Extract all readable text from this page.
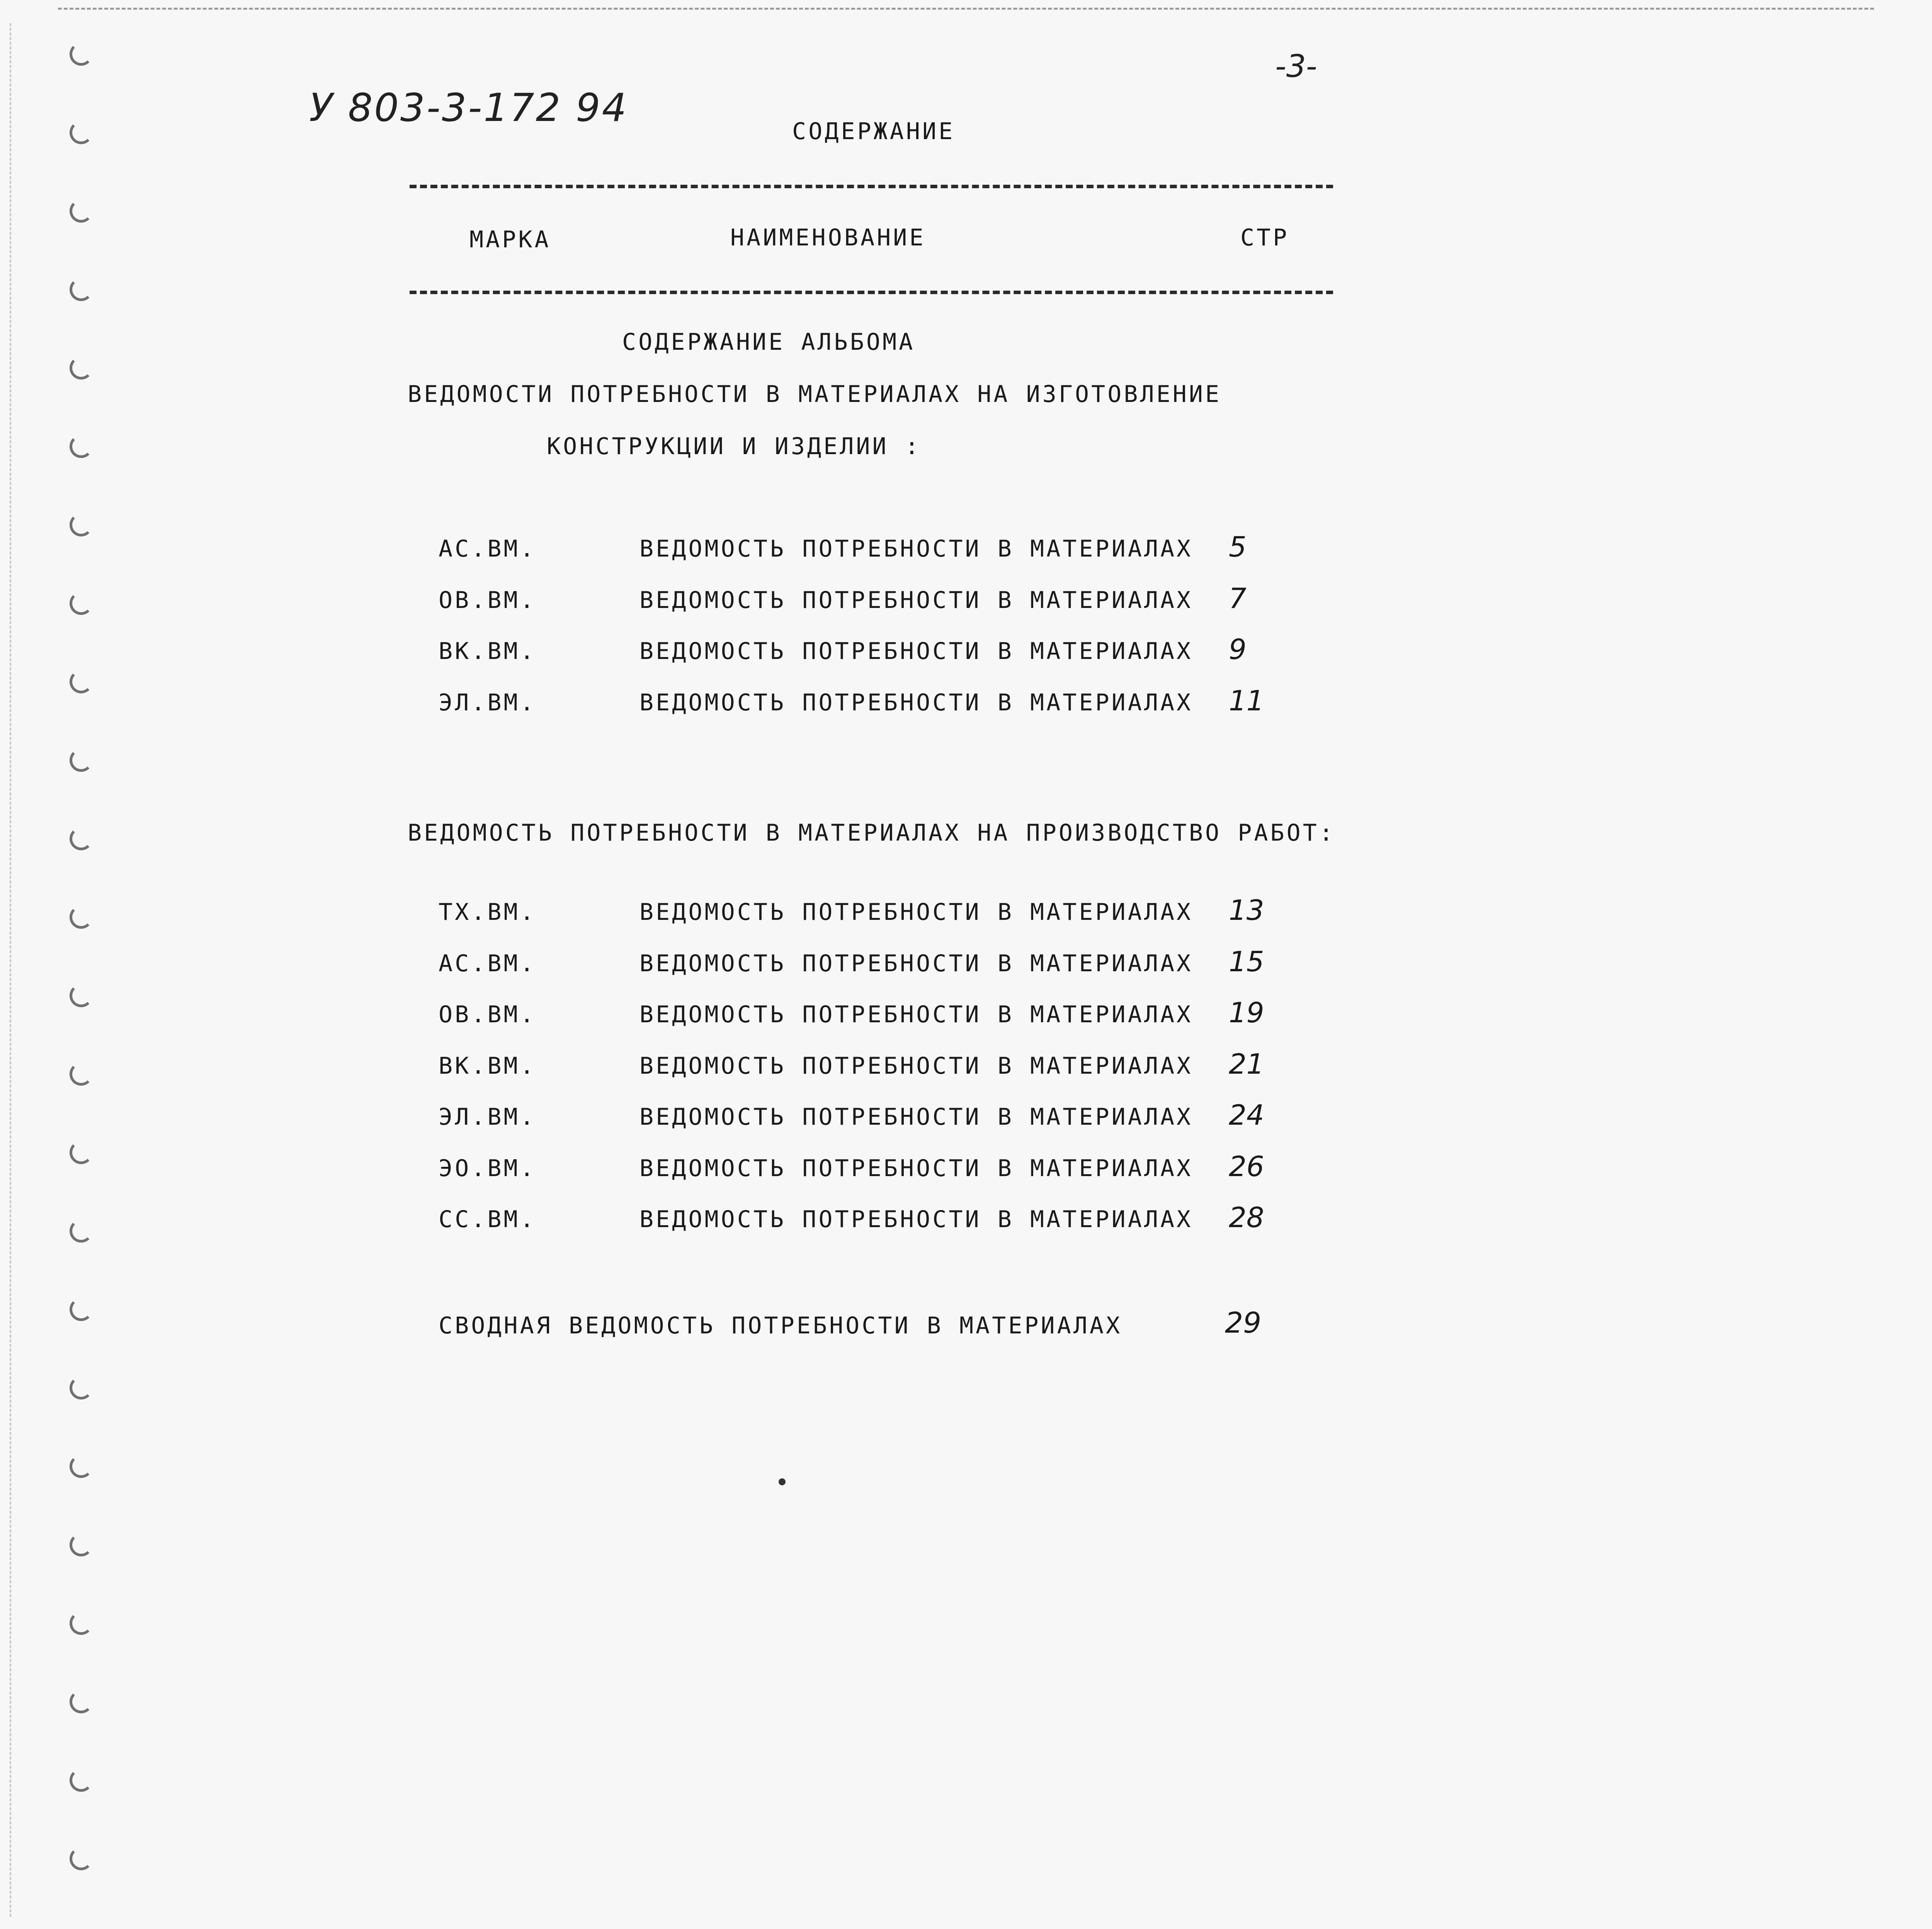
У 803-3-172 94
-3-
СОДЕРЖАНИЕ
МАРКА	НАИМЕНОВАНИЕ	СТР
СОДЕРЖАНИЕ АЛЬБОМА
ВЕДОМОСТИ ПОТРЕБНОСТИ В МАТЕРИАЛАХ НА ИЗГОТОВЛЕНИЕ
КОНСТРУКЦИИ И ИЗДЕЛИИ :
АС.ВМ.	ВЕДОМОСТЬ ПОТРЕБНОСТИ В МАТЕРИАЛАХ 5
ОВ.ВМ.	ВЕДОМОСТЬ ПОТРЕБНОСТИ В МАТЕРИАЛАХ 7
ВК.ВМ.	ВЕДОМОСТЬ ПОТРЕБНОСТИ В МАТЕРИАЛАХ 9
ЭЛ.ВМ.	ВЕДОМОСТЬ ПОТРЕБНОСТИ В МАТЕРИАЛАХ 11
ВЕДОМОСТЬ ПОТРЕБНОСТИ В МАТЕРИАЛАХ НА ПРОИЗВОДСТВО РАБОТ:
ТХ.ВМ.	ВЕДОМОСТЬ ПОТРЕБНОСТИ В МАТЕРИАЛАХ 13
АС.ВМ.	ВЕДОМОСТЬ ПОТРЕБНОСТИ В МАТЕРИАЛАХ 15
ОВ.ВМ.	ВЕДОМОСТЬ ПОТРЕБНОСТИ В МАТЕРИАЛАХ 19
ВК.ВМ.	ВЕДОМОСТЬ ПОТРЕБНОСТИ В МАТЕРИАЛАХ 21
ЭЛ.ВМ.	ВЕДОМОСТЬ ПОТРЕБНОСТИ В МАТЕРИАЛАХ 24
ЭО.ВМ.	ВЕДОМОСТЬ ПОТРЕБНОСТИ В МАТЕРИАЛАХ 26
СС.ВМ.	ВЕДОМОСТЬ ПОТРЕБНОСТИ В МАТЕРИАЛАХ 28
СВОДНАЯ ВЕДОМОСТЬ ПОТРЕБНОСТИ В МАТЕРИАЛАХ	29
